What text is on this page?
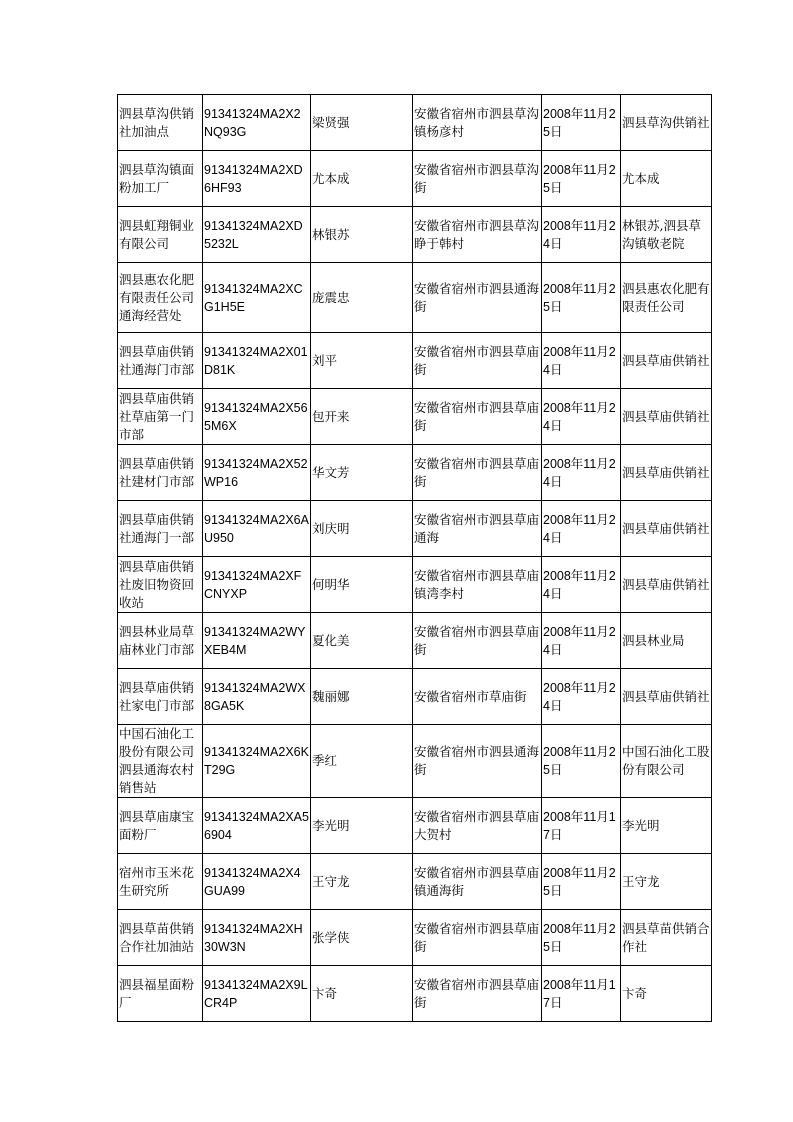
泗县草沟供销社加油点	91341324MA2X2NQ93G	梁贤强	安徽省宿州市泗县草沟镇杨彦村	2008年11月25日	泗县草沟供销社
泗县草沟镇面粉加工厂	91341324MA2XD6HF93	尤本成	安徽省宿州市泗县草沟街	2008年11月25日	尤本成
泗县虹翔铜业有限公司	91341324MA2XD5232L	林银苏	安徽省宿州市泗县草沟睁于韩村	2008年11月24日	林银苏,泗县草沟镇敬老院
泗县惠农化肥有限责任公司通海经营处	91341324MA2XCG1H5E	庞震忠	安徽省宿州市泗县通海街	2008年11月25日	泗县惠农化肥有限责任公司
泗县草庙供销社通海门市部	91341324MA2X01D81K	刘平	安徽省宿州市泗县草庙街	2008年11月24日	泗县草庙供销社
泗县草庙供销社草庙第一门市部	91341324MA2X565M6X	包开来	安徽省宿州市泗县草庙街	2008年11月24日	泗县草庙供销社
泗县草庙供销社建材门市部	91341324MA2X52WP16	华文芳	安徽省宿州市泗县草庙街	2008年11月24日	泗县草庙供销社
泗县草庙供销社通海门一部	91341324MA2X6AU950	刘庆明	安徽省宿州市泗县草庙通海	2008年11月24日	泗县草庙供销社
泗县草庙供销社废旧物资回收站	91341324MA2XFCNYXP	何明华	安徽省宿州市泗县草庙镇湾李村	2008年11月24日	泗县草庙供销社
泗县林业局草庙林业门市部	91341324MA2WYXEB4M	夏化美	安徽省宿州市泗县草庙街	2008年11月24日	泗县林业局
泗县草庙供销社家电门市部	91341324MA2WX8GA5K	魏丽娜	安徽省宿州市草庙街	2008年11月24日	泗县草庙供销社
中国石油化工股份有限公司泗县通海农村销售站	91341324MA2X6KT29G	季红	安徽省宿州市泗县通海街	2008年11月25日	中国石油化工股份有限公司
泗县草庙康宝面粉厂	91341324MA2XA56904	李光明	安徽省宿州市泗县草庙大贺村	2008年11月17日	李光明
宿州市玉米花生研究所	91341324MA2X4GUA99	王守龙	安徽省宿州市泗县草庙镇通海街	2008年11月25日	王守龙
泗县草苗供销合作社加油站	91341324MA2XH30W3N	张学侠	安徽省宿州市泗县草庙街	2008年11月25日	泗县草苗供销合作社
泗县福星面粉厂	91341324MA2X9LCR4P	卞奇	安徽省宿州市泗县草庙街	2008年11月17日	卞奇
